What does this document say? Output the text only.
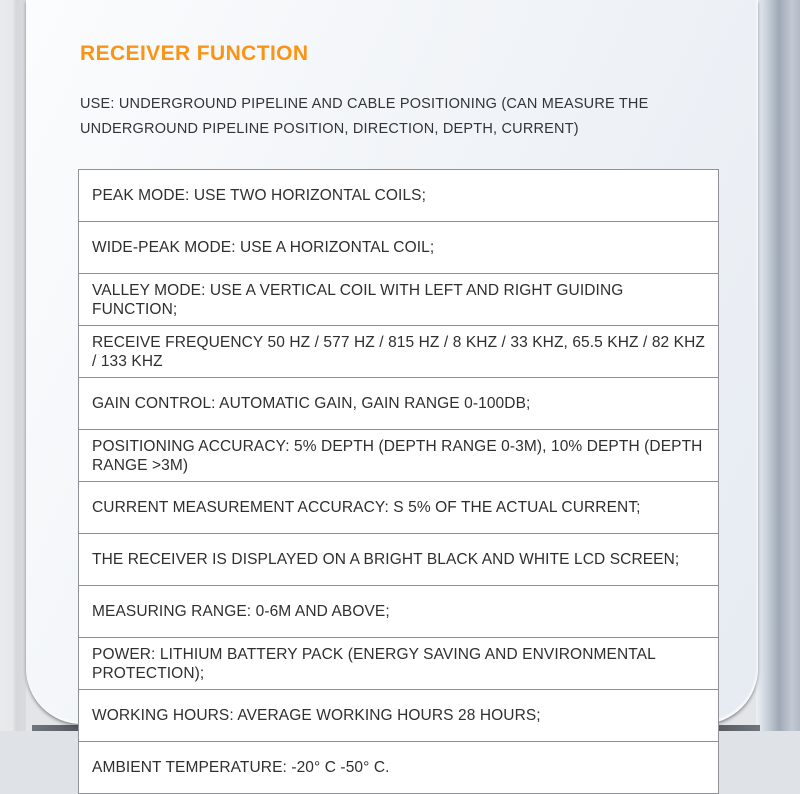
RECEIVER FUNCTION

USE: UNDERGROUND PIPELINE AND CABLE POSITIONING (CAN MEASURE THE UNDERGROUND PIPELINE POSITION, DIRECTION, DEPTH, CURRENT)

PEAK MODE: USE TWO HORIZONTAL COILS;
WIDE-PEAK MODE: USE A HORIZONTAL COIL;
VALLEY MODE: USE A VERTICAL COIL WITH LEFT AND RIGHT GUIDING FUNCTION;
RECEIVE FREQUENCY 50 HZ / 577 HZ / 815 HZ / 8 KHZ / 33 KHZ, 65.5 KHZ / 82 KHZ / 133 KHZ
GAIN CONTROL: AUTOMATIC GAIN, GAIN RANGE 0-100DB;
POSITIONING ACCURACY: 5% DEPTH (DEPTH RANGE 0-3M), 10% DEPTH (DEPTH RANGE >3M)
CURRENT MEASUREMENT ACCURACY: S 5% OF THE ACTUAL CURRENT;
THE RECEIVER IS DISPLAYED ON A BRIGHT BLACK AND WHITE LCD SCREEN;
MEASURING RANGE: 0-6M AND ABOVE;
POWER: LITHIUM BATTERY PACK (ENERGY SAVING AND ENVIRONMENTAL PROTECTION);
WORKING HOURS: AVERAGE WORKING HOURS 28 HOURS;
AMBIENT TEMPERATURE: -20° C -50° C.
